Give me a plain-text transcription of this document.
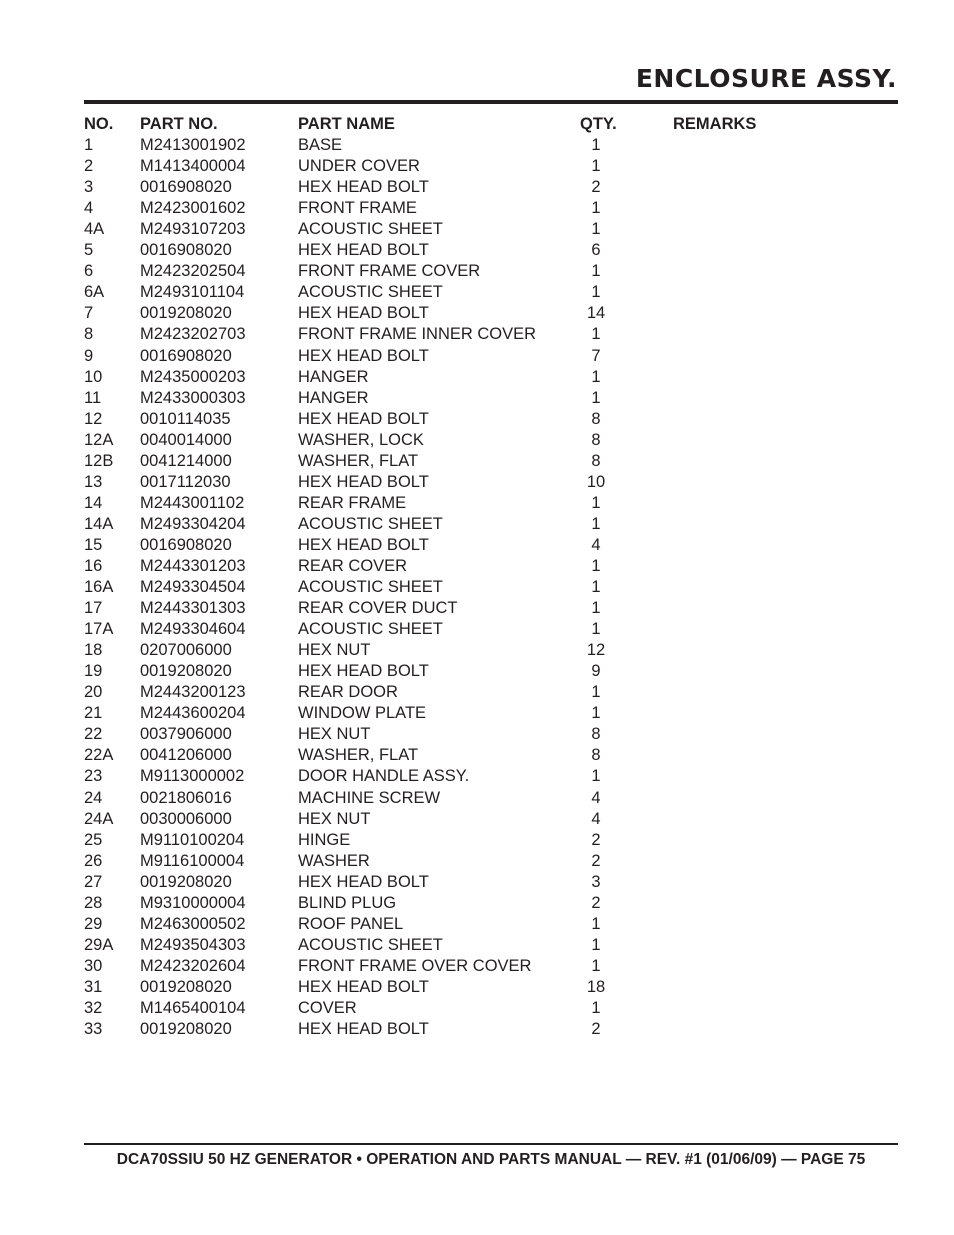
ENCLOSURE ASSY.
NO. PART NO.	PART NAME	QTY.	REMARKS
1	M2413001902	BASE	1
2	M1413400004	UNDER COVER	1
3	0016908020	HEX HEAD BOLT	2
4	M2423001602	FRONT FRAME	1
4A M2493107203	ACOUSTIC SHEET	1
5	0016908020	HEX HEAD BOLT	6
6	M2423202504	FRONT FRAME COVER	1
6A M2493101104	ACOUSTIC SHEET	1
7	0019208020	HEX HEAD BOLT	14
8	M2423202703	FRONT FRAME INNER COVER	1
9	0016908020	HEX HEAD BOLT	7
10 M2435000203	HANGER	1
11 M2433000303	HANGER	1
12 0010114035	HEX HEAD BOLT	8
12A 0040014000	WASHER, LOCK	8
12B 0041214000	WASHER, FLAT	8
13 0017112030	HEX HEAD BOLT	10
14 M2443001102	REAR FRAME	1
14A M2493304204	ACOUSTIC SHEET	1
15 0016908020	HEX HEAD BOLT	4
16 M2443301203	REAR COVER	1
16A M2493304504	ACOUSTIC SHEET	1
17 M2443301303	REAR COVER DUCT	1
17A M2493304604	ACOUSTIC SHEET	1
18 0207006000	HEX NUT	12
19 0019208020	HEX HEAD BOLT	9
20 M2443200123	REAR DOOR	1
21 M2443600204	WINDOW PLATE	1
22 0037906000	HEX NUT	8
22A 0041206000	WASHER, FLAT	8
23 M9113000002	DOOR HANDLE ASSY.	1
24 0021806016	MACHINE SCREW	4
24A 0030006000	HEX NUT	4
25 M9110100204	HINGE	2
26 M9116100004	WASHER	2
27 0019208020	HEX HEAD BOLT	3
28 M9310000004	BLIND PLUG	2
29 M2463000502	ROOF PANEL	1
29A M2493504303	ACOUSTIC SHEET	1
30 M2423202604	FRONT FRAME OVER COVER	1
31 0019208020	HEX HEAD BOLT	18
32 M1465400104	COVER	1
33 0019208020	HEX HEAD BOLT	2
DCA70SSIU 50 HZ GENERATOR • OPERATION AND PARTS MANUAL — REV. #1 (01/06/09) — PAGE 75
